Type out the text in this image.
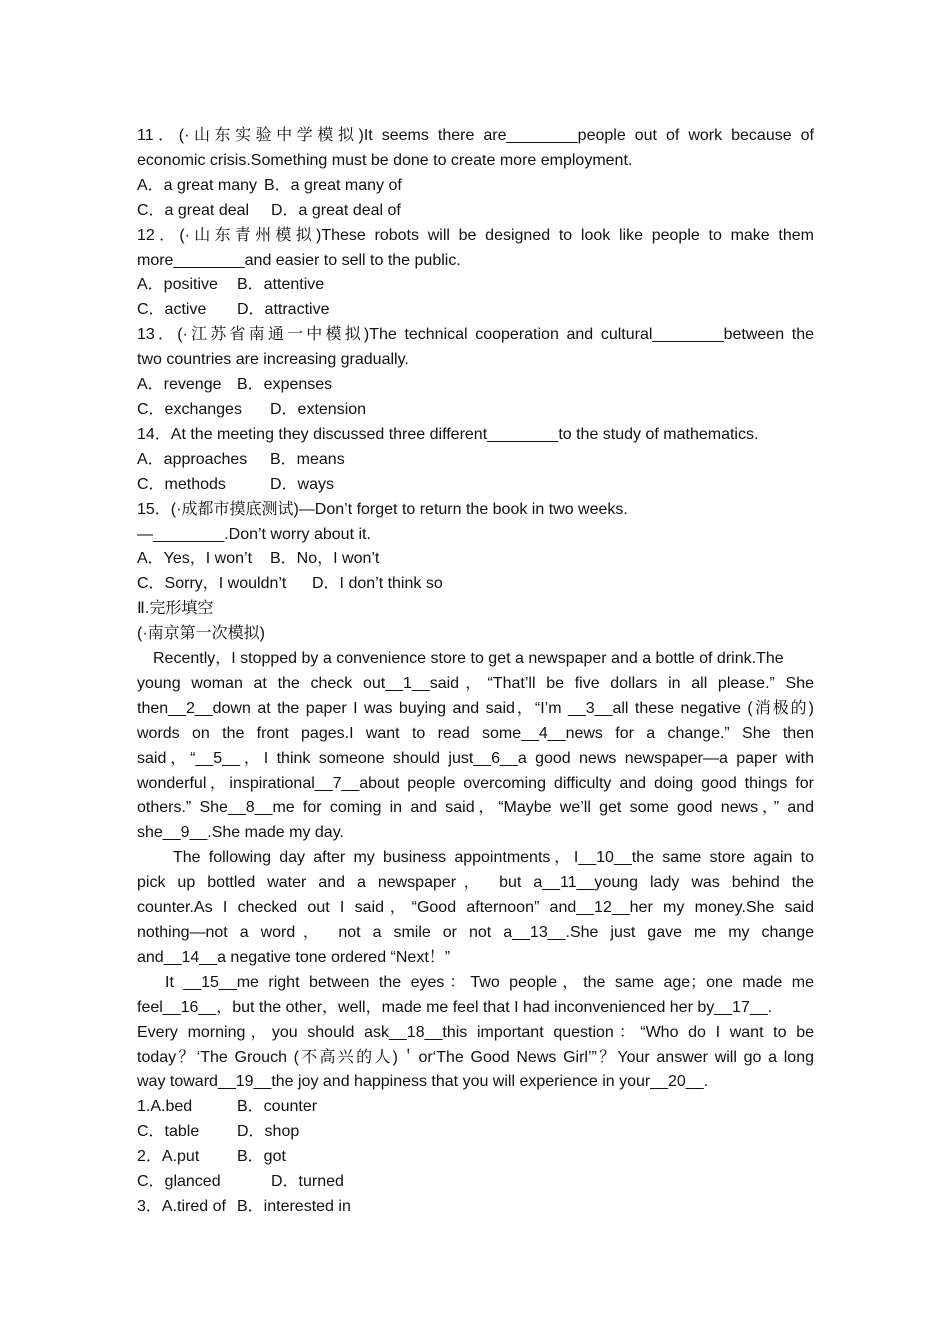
11．(·山东实验中学模拟)It seems there are________people out of work because of
economic crisis.Something must be done to create more employment.
A．a great many B．a great many of
C．a great deal D．a great deal of
12．(·山东青州模拟)These robots will be designed to look like people to make them
more________and easier to sell to the public.
A．positive B．attentive
C．active D．attractive
13．(·江苏省南通一中模拟)The technical cooperation and cultural________between the
two countries are increasing gradually.
A．revenge B．expenses
C．exchanges D．extension
14．At the meeting they discussed three different________to the study of mathematics.
A．approaches B．means
C．methods	D．ways
15．(·成都市摸底测试)—Don’t forget to return the book in two weeks.
—________.Don’t worry about it.
A．Yes，I won’t B．No，I won’t
C．Sorry，I wouldn’t D．I don’t think so
Ⅱ.完形填空
(·南京第一次模拟)
Recently，I stopped by a convenience store to get a newspaper and a bottle of drink.The
young woman at the check out__1__said，“That’ll be five dollars in all please.” She
then__2__down at the paper I was buying and said，“I’m __3__all these negative (消极的)
words on the front pages.I want to read some__4__news for a change.” She then
said，“__5__，I think someone should just__6__a good news newspaper—a paper with
wonderful，inspirational__7__about people overcoming difficulty and doing good things for
others.” She__8__me for coming in and said，“Maybe we’ll get some good news，” and
she__9__.She made my day.
The following day after my business appointments，I__10__the same store again to
pick up bottled water and a newspaper， but a__11__young lady was behind the
counter.As I checked out I said，“Good afternoon” and__12__her my money.She said
nothing—not a word， not a smile or not a__13__.She just gave me my change
and__14__a negative tone ordered “Next！”
It __15__me right between the eyes：Two people，the same age；one made me
feel__16__，but the other，well，made me feel that I had inconvenienced her by__17__.
Every morning，you should ask__18__this important question：“Who do I want to be
today？‘The Grouch (不高兴的人)＇or‘The Good News Girl’”？Your answer will go a long
way toward__19__the joy and happiness that you will experience in your__20__.
1.A.bed	B．counter
C．table D．shop
2．A.put B．got
C．glanced	D．turned
3．A.tired of B．interested in
